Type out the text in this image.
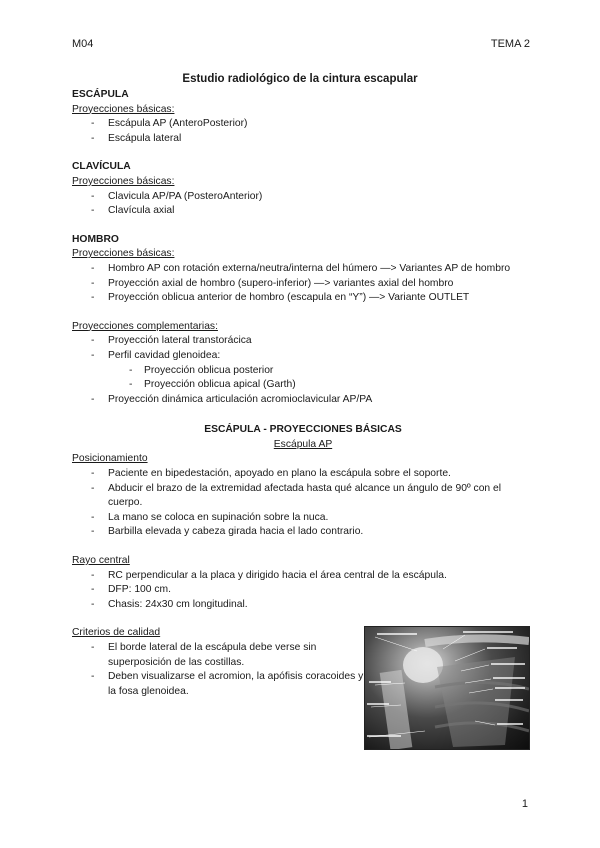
M04	TEMA 2
Estudio radiológico de la cintura escapular

ESCÁPULA

Proyecciones básicas:

- Escápula AP (AnteroPosterior)
- Escápula lateral

CLAVÍCULA

Proyecciones básicas:

- Clavicula AP/PA (PosteroAnterior)
- Clavícula axial

HOMBRO

Proyecciones básicas:

- Hombro AP con rotación externa/neutra/interna del húmero —> Variantes AP de hombro
- Proyección axial de hombro (supero-inferior) —> variantes axial del hombro
- Proyección oblicua anterior de hombro (escapula en “Y”) —> Variante OUTLET

Proyecciones complementarias:

- Proyección lateral transtorácica
- Perfil cavidad glenoidea:
- Proyección oblicua posterior
- Proyección oblicua apical (Garth)
- Proyección dinámica articulación acromioclavicular AP/PA

ESCÁPULA - PROYECCIONES BÁSICAS

Escápula AP

Posicionamiento

- Paciente en bipedestación, apoyado en plano la escápula sobre el soporte.
- Abducir el brazo de la extremidad afectada hasta qué alcance un ángulo de 90º con el cuerpo.
- La mano se coloca en supinación sobre la nuca.
- Barbilla elevada y cabeza girada hacia el lado contrario.

Rayo central

- RC perpendicular a la placa y dirigido hacia el área central de la escápula.
- DFP: 100 cm.
- Chasis: 24x30 cm longitudinal.

Criterios de calidad

- El borde lateral de la escápula debe verse sin superposición de las costillas.
- Deben visualizarse el acromion, la apófisis coracoides y la fosa glenoidea.
1
